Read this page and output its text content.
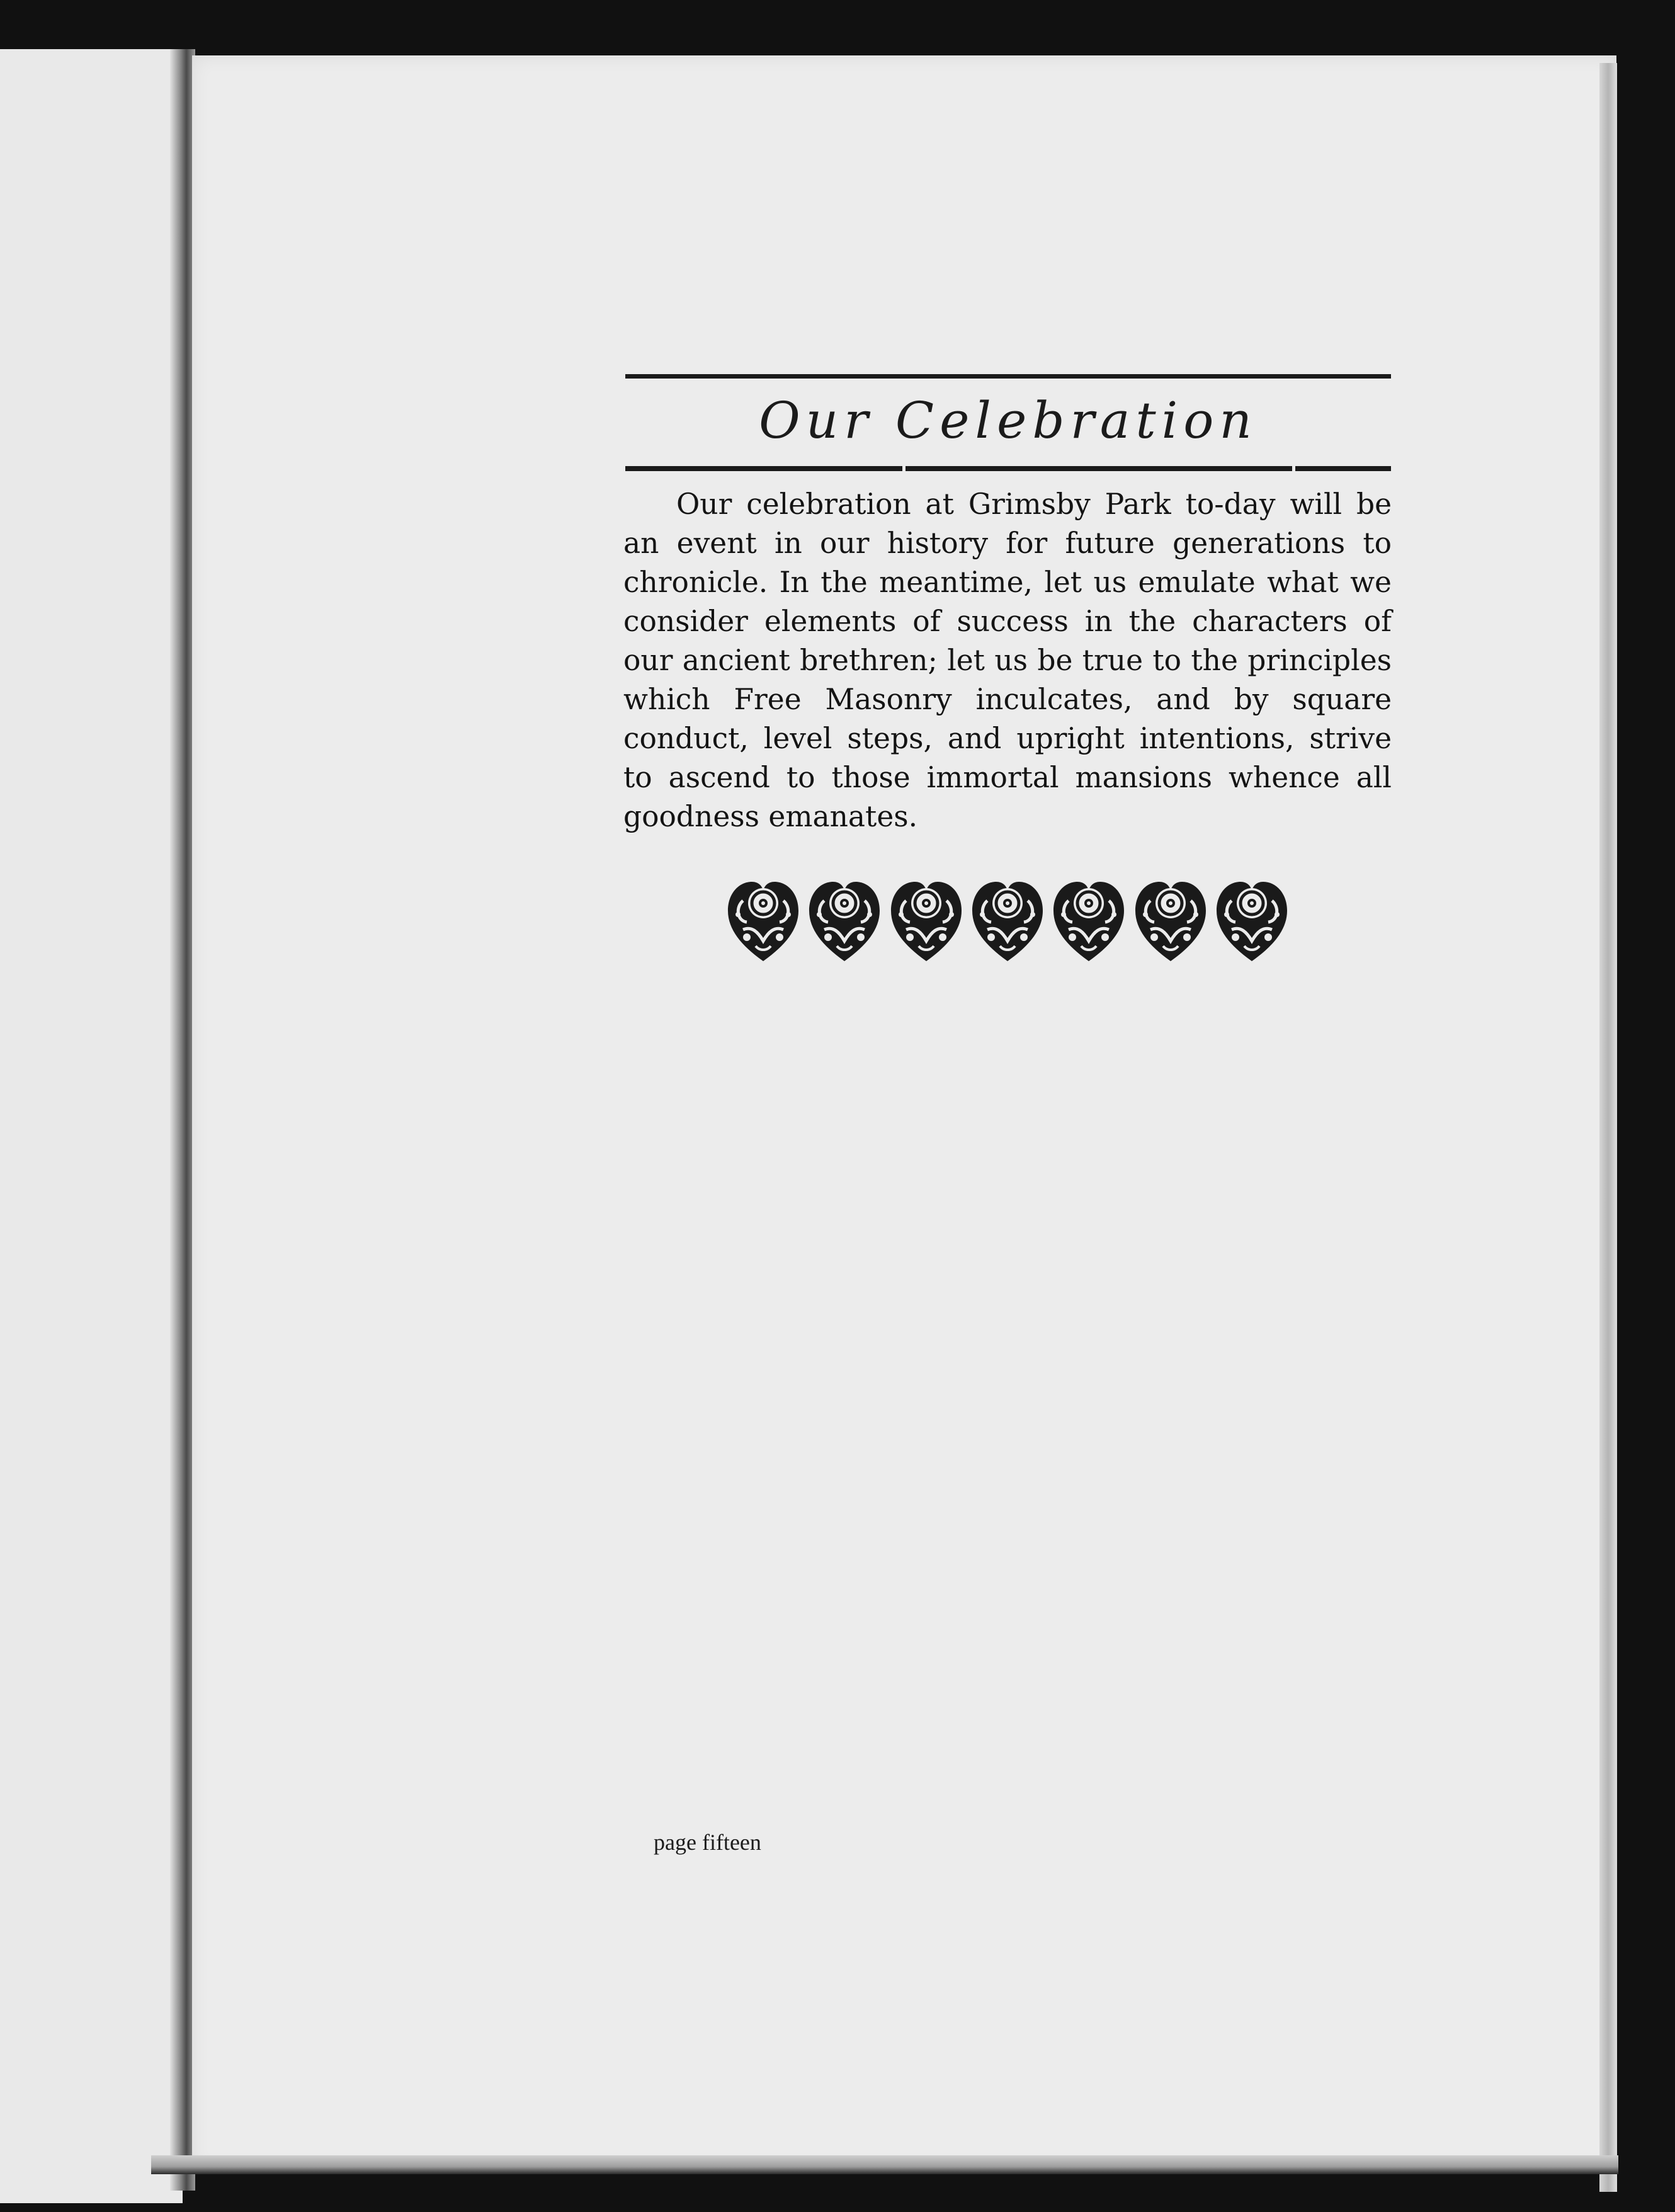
Our Celebration

Our celebration at Grimsby Park to-day will be an event in our history for future generations to chronicle. In the meantime, let us emulate what we consider elements of success in the characters of our ancient brethren; let us be true to the principles which Free Masonry inculcates, and by square conduct, level steps, and upright intentions, strive to ascend to those immortal mansions whence all goodness emanates.

page fifteen
